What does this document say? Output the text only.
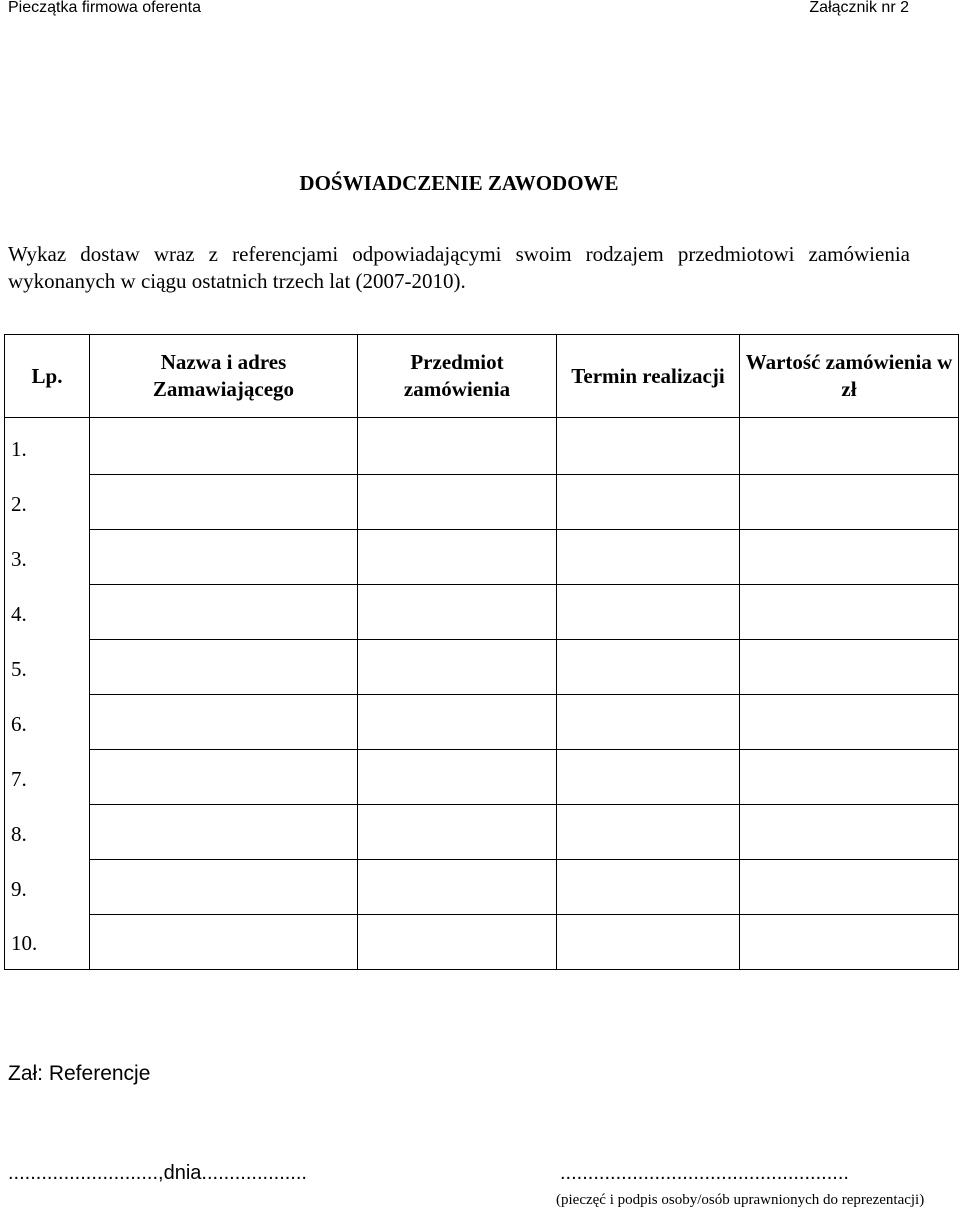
Pieczątka firmowa oferenta	Załącznik nr 2
DOŚWIADCZENIE ZAWODOWE
Wykaz dostaw wraz z referencjami odpowiadającymi swoim rodzajem przedmiotowi zamówienia wykonanych w ciągu ostatnich trzech lat (2007-2010).
Lp.	Nazwa i adres Zamawiającego	Przedmiot zamówienia	Termin realizacji	Wartość zamówienia w zł
1.				
2.				
3.				
4.				
5.				
6.				
7.				
8.				
9.				
10.				
Zał: Referencje
...........................,dnia...................	....................................................
(pieczęć i podpis osoby/osób uprawnionych do reprezentacji)
